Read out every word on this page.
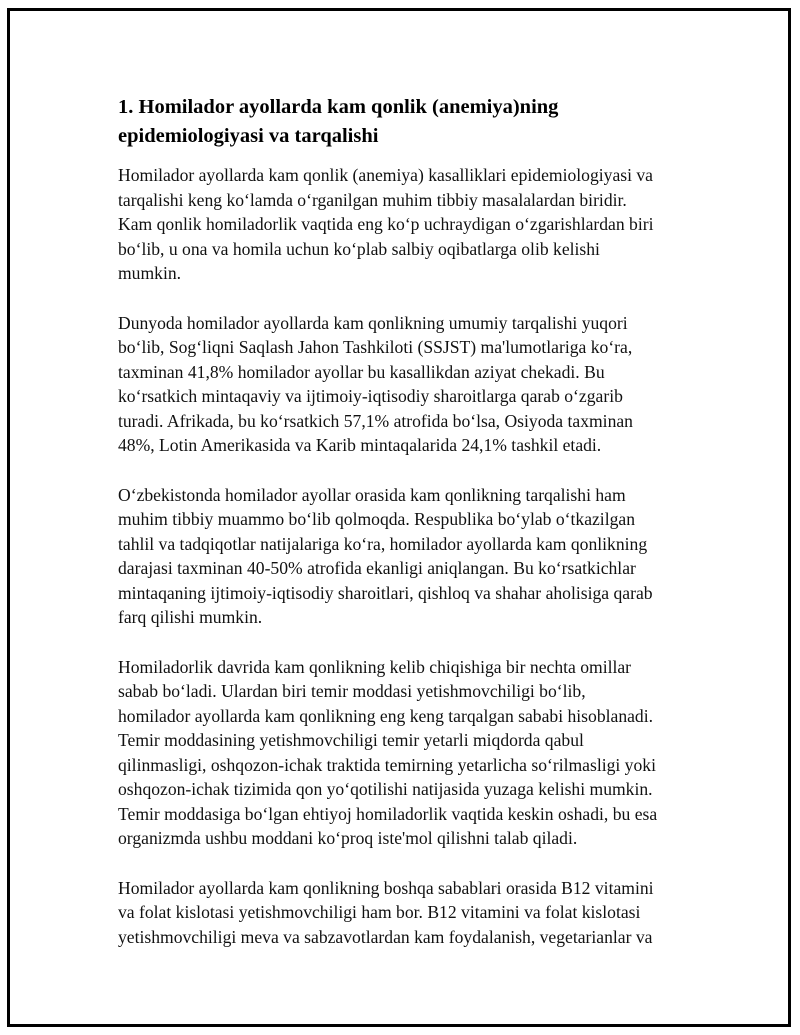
1. Homilador ayollarda kam qonlik (anemiya)ning epidemiologiyasi va tarqalishi

Homilador ayollarda kam qonlik (anemiya) kasalliklari epidemiologiyasi va
tarqalishi keng ko‘lamda o‘rganilgan muhim tibbiy masalalardan biridir.
Kam qonlik homiladorlik vaqtida eng ko‘p uchraydigan o‘zgarishlardan biri
bo‘lib, u ona va homila uchun ko‘plab salbiy oqibatlarga olib kelishi
mumkin.

Dunyoda homilador ayollarda kam qonlikning umumiy tarqalishi yuqori
bo‘lib, Sog‘liqni Saqlash Jahon Tashkiloti (SSJST) ma'lumotlariga ko‘ra,
taxminan 41,8% homilador ayollar bu kasallikdan aziyat chekadi. Bu
ko‘rsatkich mintaqaviy va ijtimoiy-iqtisodiy sharoitlarga qarab o‘zgarib
turadi. Afrikada, bu ko‘rsatkich 57,1% atrofida bo‘lsa, Osiyoda taxminan
48%, Lotin Amerikasida va Karib mintaqalarida 24,1% tashkil etadi.

O‘zbekistonda homilador ayollar orasida kam qonlikning tarqalishi ham
muhim tibbiy muammo bo‘lib qolmoqda. Respublika bo‘ylab o‘tkazilgan
tahlil va tadqiqotlar natijalariga ko‘ra, homilador ayollarda kam qonlikning
darajasi taxminan 40-50% atrofida ekanligi aniqlangan. Bu ko‘rsatkichlar
mintaqaning ijtimoiy-iqtisodiy sharoitlari, qishloq va shahar aholisiga qarab
farq qilishi mumkin.

Homiladorlik davrida kam qonlikning kelib chiqishiga bir nechta omillar
sabab bo‘ladi. Ulardan biri temir moddasi yetishmovchiligi bo‘lib,
homilador ayollarda kam qonlikning eng keng tarqalgan sababi hisoblanadi.
Temir moddasining yetishmovchiligi temir yetarli miqdorda qabul
qilinmasligi, oshqozon-ichak traktida temirning yetarlicha so‘rilmasligi yoki
oshqozon-ichak tizimida qon yo‘qotilishi natijasida yuzaga kelishi mumkin.
Temir moddasiga bo‘lgan ehtiyoj homiladorlik vaqtida keskin oshadi, bu esa
organizmda ushbu moddani ko‘proq iste'mol qilishni talab qiladi.

Homilador ayollarda kam qonlikning boshqa sabablari orasida B12 vitamini
va folat kislotasi yetishmovchiligi ham bor. B12 vitamini va folat kislotasi
yetishmovchiligi meva va sabzavotlardan kam foydalanish, vegetarianlar va
